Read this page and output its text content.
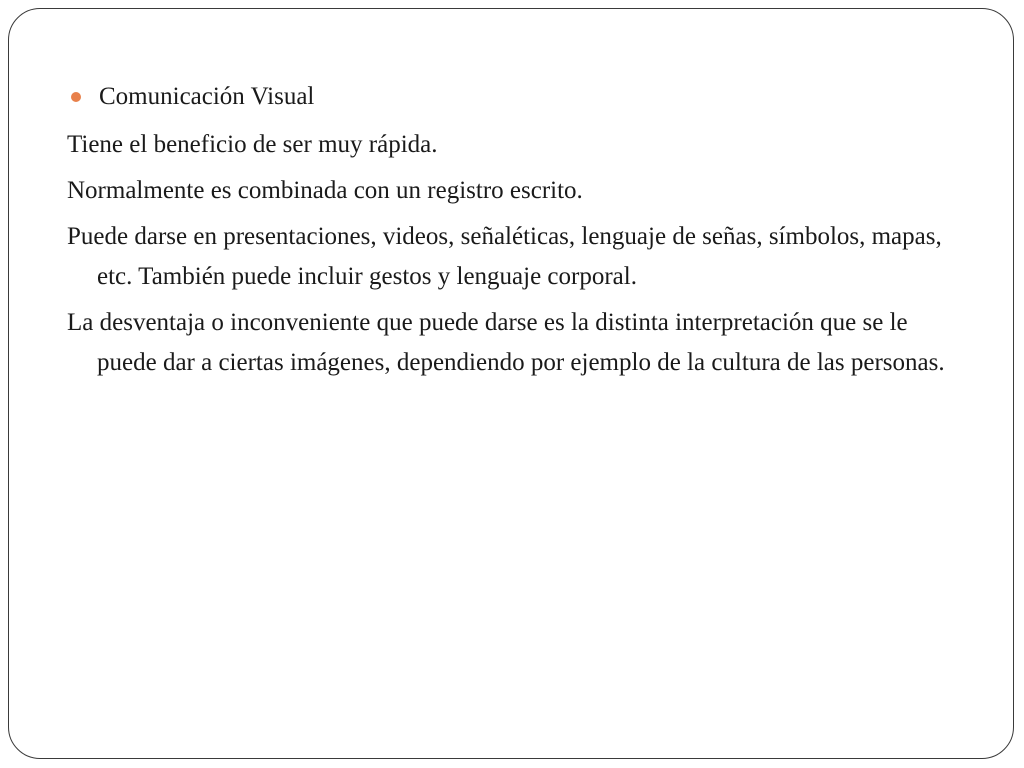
Comunicación Visual

Tiene el beneficio de ser muy rápida.

Normalmente es combinada con un registro escrito.

Puede darse en presentaciones, videos, señaléticas, lenguaje de señas, símbolos, mapas, etc. También puede incluir gestos y lenguaje corporal.

La desventaja o inconveniente que puede darse es la distinta interpretación que se le puede dar a ciertas imágenes, dependiendo por ejemplo de la cultura de las personas.
